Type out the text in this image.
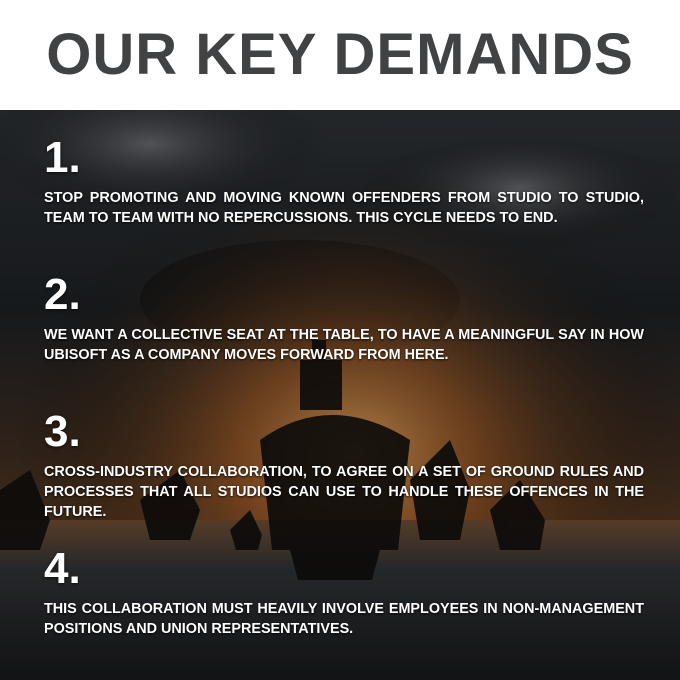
OUR KEY DEMANDS
1.
STOP PROMOTING AND MOVING KNOWN OFFENDERS FROM STUDIO TO STUDIO, TEAM TO TEAM WITH NO REPERCUSSIONS. THIS CYCLE NEEDS TO END.
2.
WE WANT A COLLECTIVE SEAT AT THE TABLE, TO HAVE A MEANINGFUL SAY IN HOW UBISOFT AS A COMPANY MOVES FORWARD FROM HERE.
3.
CROSS-INDUSTRY COLLABORATION, TO AGREE ON A SET OF GROUND RULES AND PROCESSES THAT ALL STUDIOS CAN USE TO HANDLE THESE OFFENCES IN THE FUTURE.
4.
THIS COLLABORATION MUST HEAVILY INVOLVE EMPLOYEES IN NON-MANAGEMENT POSITIONS AND UNION REPRESENTATIVES.
